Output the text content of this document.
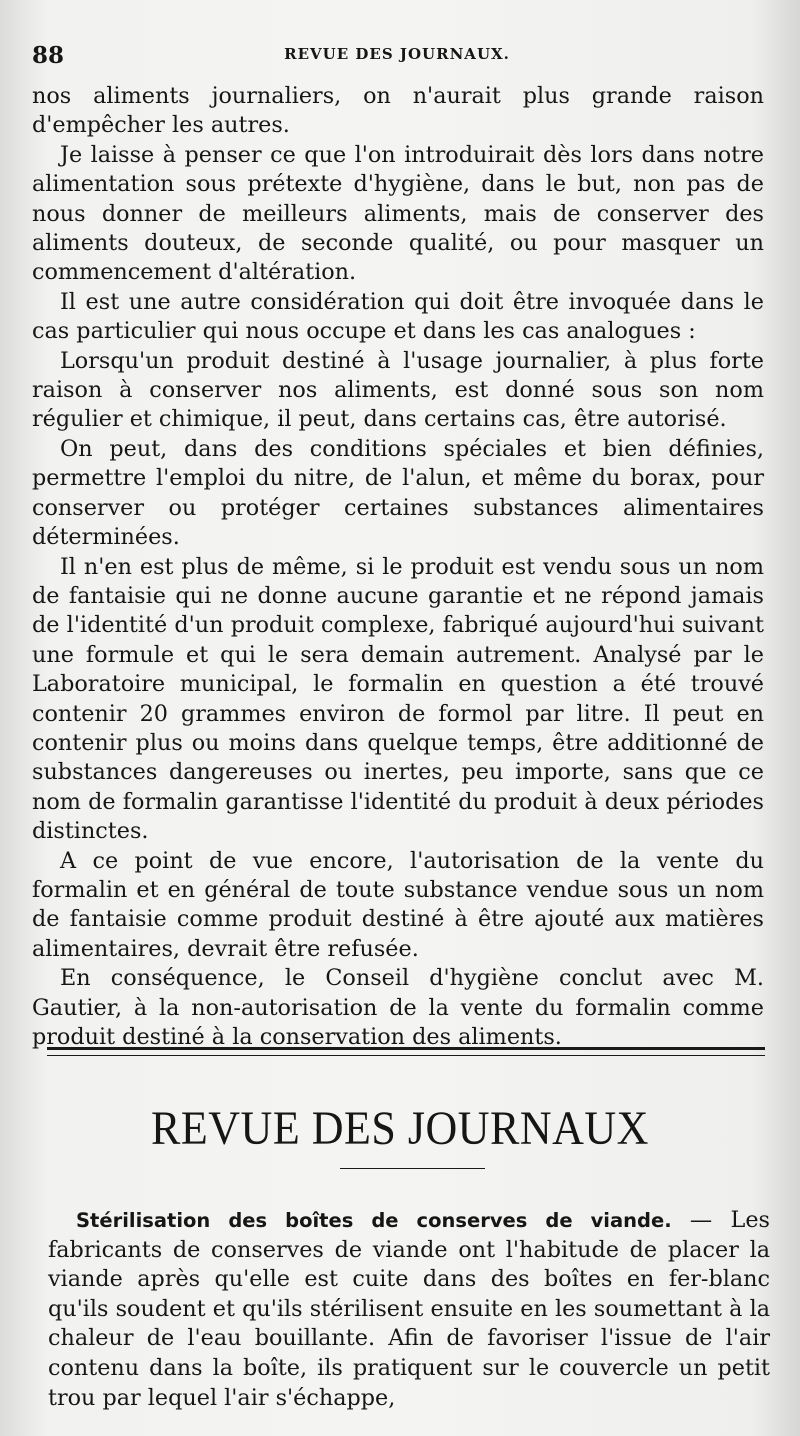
88	REVUE DES JOURNAUX.

nos aliments journaliers, on n'aurait plus grande raison d'empêcher les autres.

Je laisse à penser ce que l'on introduirait dès lors dans notre alimentation sous prétexte d'hygiène, dans le but, non pas de nous donner de meilleurs aliments, mais de conserver des aliments douteux, de seconde qualité, ou pour masquer un commencement d'altération.

Il est une autre considération qui doit être invoquée dans le cas particulier qui nous occupe et dans les cas analogues :

Lorsqu'un produit destiné à l'usage journalier, à plus forte raison à conserver nos aliments, est donné sous son nom régulier et chimique, il peut, dans certains cas, être autorisé.

On peut, dans des conditions spéciales et bien définies, permettre l'emploi du nitre, de l'alun, et même du borax, pour conserver ou protéger certaines substances alimentaires déterminées.

Il n'en est plus de même, si le produit est vendu sous un nom de fantaisie qui ne donne aucune garantie et ne répond jamais de l'identité d'un produit complexe, fabriqué aujourd'hui suivant une formule et qui le sera demain autrement. Analysé par le Laboratoire municipal, le formalin en question a été trouvé contenir 20 grammes environ de formol par litre. Il peut en contenir plus ou moins dans quelque temps, être additionné de substances dangereuses ou inertes, peu importe, sans que ce nom de formalin garantisse l'identité du produit à deux périodes distinctes.

A ce point de vue encore, l'autorisation de la vente du formalin et en général de toute substance vendue sous un nom de fantaisie comme produit destiné à être ajouté aux matières alimentaires, devrait être refusée.

En conséquence, le Conseil d'hygiène conclut avec M. Gautier, à la non-autorisation de la vente du formalin comme produit destiné à la conservation des aliments.

REVUE DES JOURNAUX

Stérilisation des boîtes de conserves de viande. — Les fabricants de conserves de viande ont l'habitude de placer la viande après qu'elle est cuite dans des boîtes en fer-blanc qu'ils soudent et qu'ils stérilisent ensuite en les soumettant à la chaleur de l'eau bouillante. Afin de favoriser l'issue de l'air contenu dans la boîte, ils pratiquent sur le couvercle un petit trou par lequel l'air s'échappe,
